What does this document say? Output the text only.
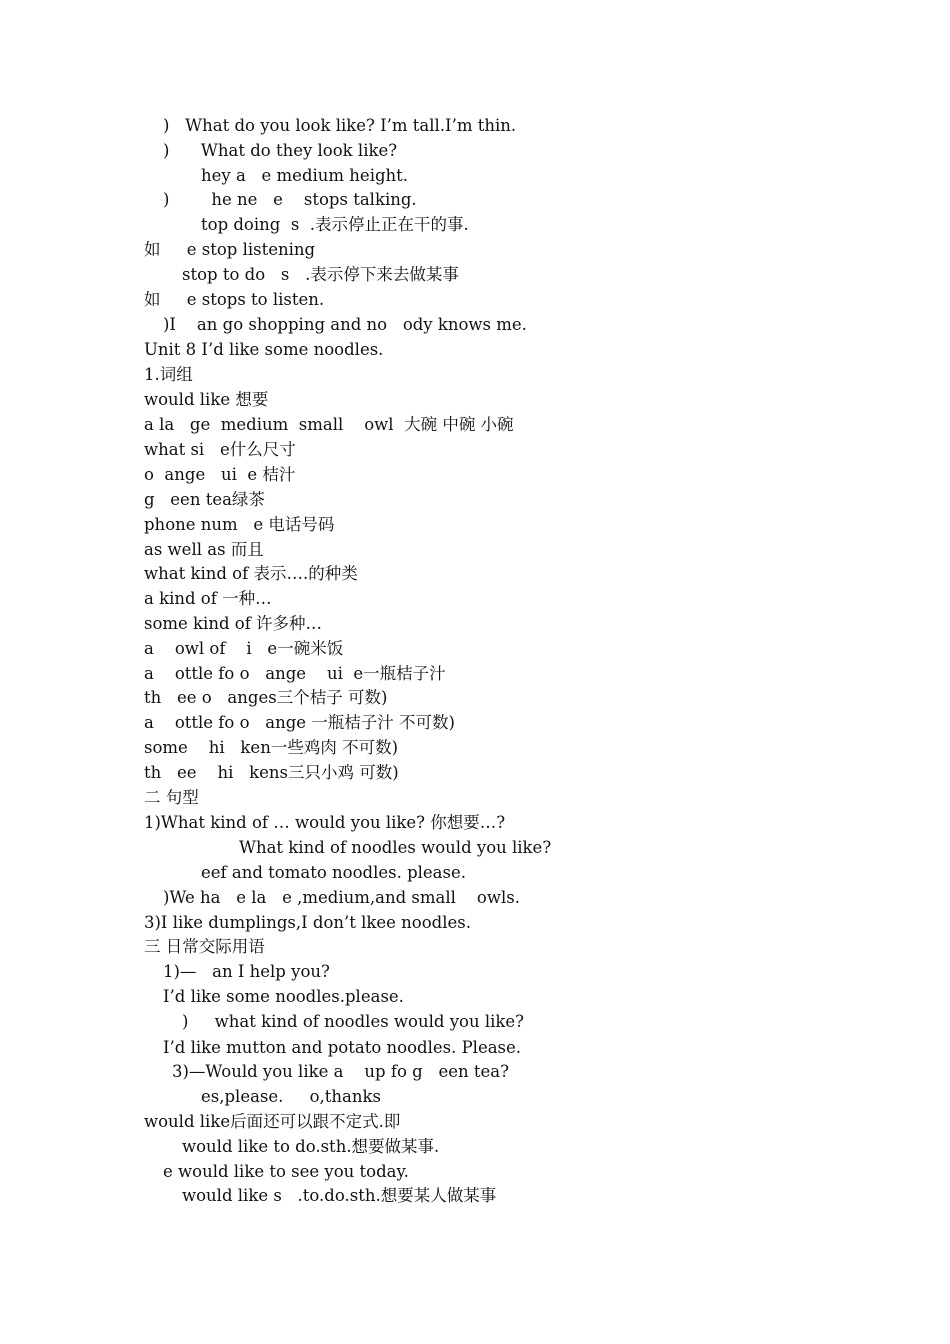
)   What do you look like? I’m tall.I’m thin.
)      What do they look like?
hey a   e medium height.
)        he ne   e    stops talking.
top doing  s  .表示停止正在干的事.
如     e stop listening
stop to do   s   .表示停下来去做某事
如     e stops to listen.
)I    an go shopping and no   ody knows me.
Unit 8 I’d like some noodles.
1.词组
would like 想要
a la   ge  medium  small    owl  大碗 中碗 小碗
what si   e什么尺寸
o  ange   ui  e 桔汁
g   een tea绿茶
phone num   e 电话号码
as well as 而且
what kind of 表示….的种类
a kind of 一种…
some kind of 许多种…
a    owl of    i   e一碗米饭
a    ottle fo o   ange    ui  e一瓶桔子汁
th   ee o   anges三个桔子 可数)
a    ottle fo o   ange 一瓶桔子汁 不可数)
some    hi   ken一些鸡肉 不可数)
th   ee    hi   kens三只小鸡 可数)
二 句型
1)What kind of … would you like? 你想要…?
What kind of noodles would you like?
eef and tomato noodles. please.
)We ha   e la   e ,medium,and small    owls.
3)I like dumplings,I don’t lkee noodles.
三 日常交际用语
1)—   an I help you?
I’d like some noodles.please.
)     what kind of noodles would you like?
I’d like mutton and potato noodles. Please.
3)—Would you like a    up fo g   een tea?
es,please.     o,thanks
would like后面还可以跟不定式.即
would like to do.sth.想要做某事.
e would like to see you today.
would like s   .to.do.sth.想要某人做某事
